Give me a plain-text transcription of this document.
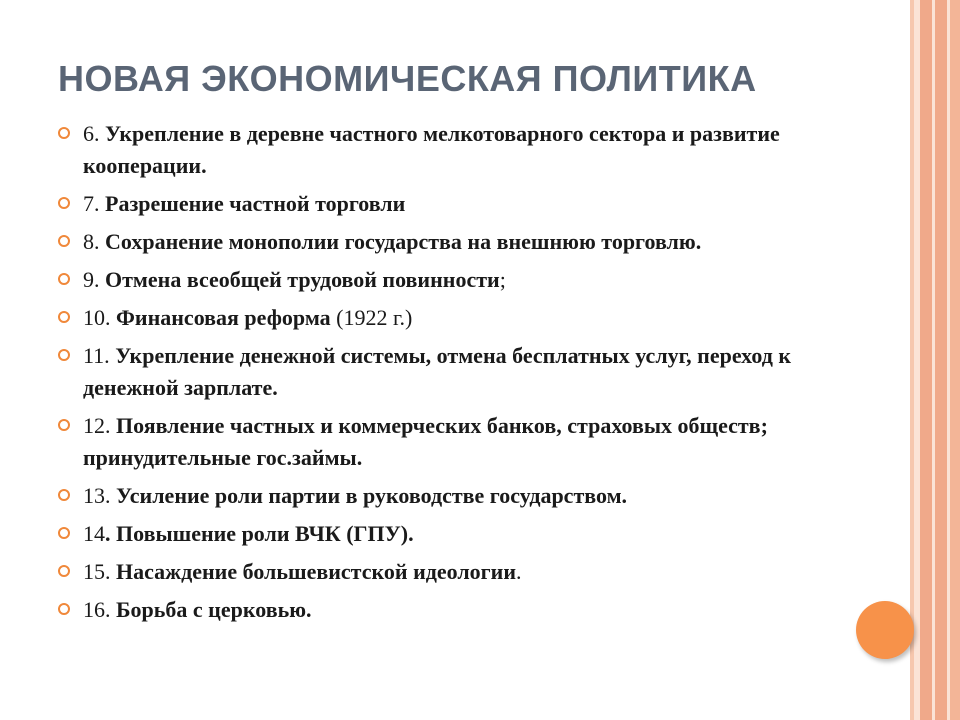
НОВАЯ ЭКОНОМИЧЕСКАЯ ПОЛИТИКА
6. Укрепление в деревне частного мелкотоварного сектора и развитие кооперации.
7. Разрешение частной торговли
8. Сохранение монополии государства на внешнюю торговлю.
9. Отмена всеобщей трудовой повинности;
10. Финансовая реформа (1922 г.)
11. Укрепление денежной системы, отмена бесплатных услуг, переход к денежной зарплате.
12. Появление частных и коммерческих банков, страховых обществ; принудительные гос.займы.
13. Усиление роли партии в руководстве государством.
14. Повышение роли ВЧК (ГПУ).
15. Насаждение большевистской идеологии.
16. Борьба с церковью.
